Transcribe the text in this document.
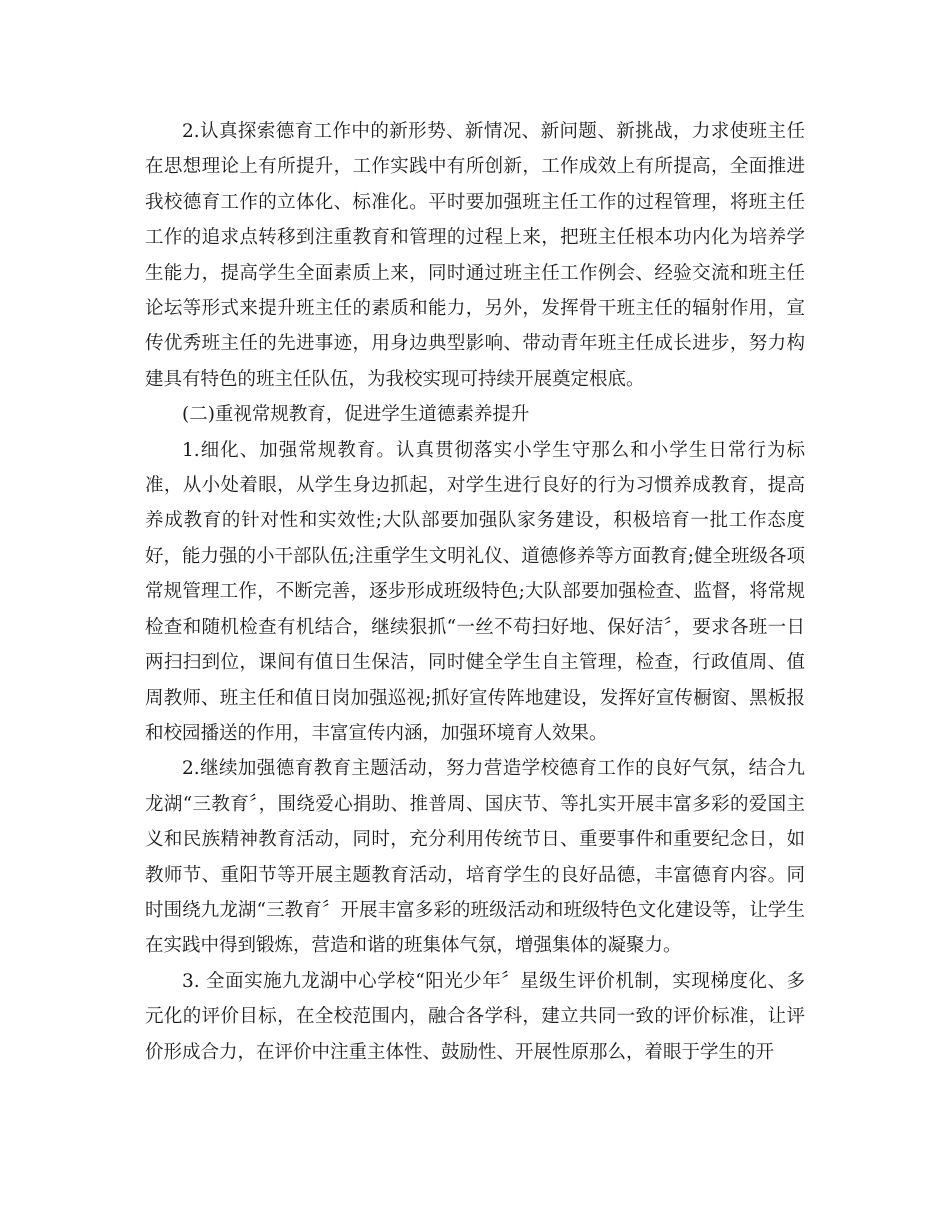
2.认真探索德育工作中的新形势、新情况、新问题、新挑战，力求使班主任在思想理论上有所提升，工作实践中有所创新，工作成效上有所提高，全面推进我校德育工作的立体化、标准化。平时要加强班主任工作的过程管理，将班主任工作的追求点转移到注重教育和管理的过程上来，把班主任根本功内化为培养学生能力，提高学生全面素质上来，同时通过班主任工作例会、经验交流和班主任论坛等形式来提升班主任的素质和能力，另外，发挥骨干班主任的辐射作用，宣传优秀班主任的先进事迹，用身边典型影响、带动青年班主任成长进步，努力构建具有特色的班主任队伍，为我校实现可持续开展奠定根底。

(二)重视常规教育，促进学生道德素养提升

1.细化、加强常规教育。认真贯彻落实小学生守那么和小学生日常行为标准，从小处着眼，从学生身边抓起，对学生进行良好的行为习惯养成教育，提高养成教育的针对性和实效性;大队部要加强队家务建设，积极培育一批工作态度好，能力强的小干部队伍;注重学生文明礼仪、道德修养等方面教育;健全班级各项常规管理工作，不断完善，逐步形成班级特色;大队部要加强检查、监督，将常规检查和随机检查有机结合，继续狠抓“一丝不苟扫好地、保好洁〞，要求各班一日两扫扫到位，课间有值日生保洁，同时健全学生自主管理，检查，行政值周、值周教师、班主任和值日岗加强巡视;抓好宣传阵地建设，发挥好宣传橱窗、黑板报和校园播送的作用，丰富宣传内涵，加强环境育人效果。

2.继续加强德育教育主题活动，努力营造学校德育工作的良好气氛，结合九龙湖“三教育〞，围绕爱心捐助、推普周、国庆节、等扎实开展丰富多彩的爱国主义和民族精神教育活动，同时，充分利用传统节日、重要事件和重要纪念日，如教师节、重阳节等开展主题教育活动，培育学生的良好品德，丰富德育内容。同时围绕九龙湖“三教育〞开展丰富多彩的班级活动和班级特色文化建设等，让学生在实践中得到锻炼，营造和谐的班集体气氛，增强集体的凝聚力。

3. 全面实施九龙湖中心学校“阳光少年〞星级生评价机制，实现梯度化、多元化的评价目标，在全校范围内，融合各学科，建立共同一致的评价标准，让评价形成合力，在评价中注重主体性、鼓励性、开展性原那么，着眼于学生的开
